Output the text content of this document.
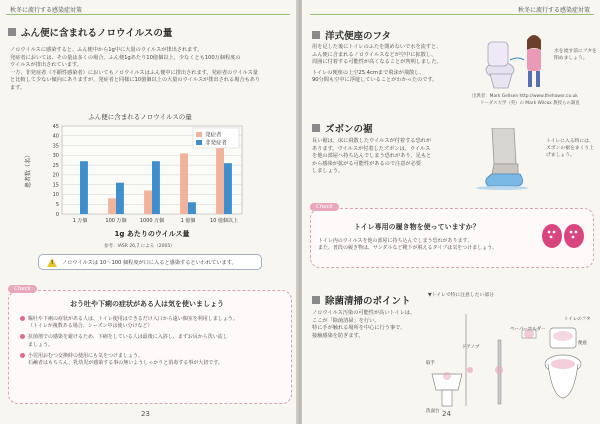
秋冬に流行する感染症対策
ふん便に含まれるノロウイルスの量
ノロウイルスに感染すると、ふん便中から1g中に大量のウイルスが排出されます。
発症者においては、その量は多くの場合、ふん便1gあたり10億個以上、少なくとも100万個程度の
ウイルスが排出されています。
一方、非発症者（不顕性感染者）においてもノロウイルスはふん便中に排出されます。発症者のウイルス量
と比較して少ない傾向にありますが、発症者と同様に10億個以上の大量のウイルスが排出される場合もあり
ます。
ふん便に含まれるノロウイルスの量
0
5
10
15
20
25
30
35
40
45
患者数（名）
1 万個	100 万個	1000 万個	1 億個	10 億個以上
1g あたりのウイルス量
発症者
非発症者
参考：IASR 26,7 による（2005）
! ノロウイルスは 10〜100 個程度が口に入ると感染するといわれています。
Check
おう吐や下痢の症状がある人は気を使いましょう
嘔吐や下痢の症状がある人は、トイレ使用はできるだけ入口から遠い個室を利用しましょう。
（トイレが複数ある場合、シーズン中は使い分けなど）
抗菌剤での感染を避けるため、下痢をしている人は最後に入浴し、まずお尻から洗い流し
ましょう。
小児用おむつ交換時の使用にも気をつけましょう。
石鹸者はもちろん、乳幼児が感染する事の無いようしっかりと消毒する事が大切です。
23
秋冬に流行する感染症対策
洋式便座のフタ
用を足した後にトイレのふたを閉めないで水を流すと、
ふん便に含まれるノロウイルスなどが空中に拡散し、
周囲に付着する可能性が高くなることが判明しました。
トイレの便座の上空25.4cmまで飛沫が飛散し、
90分間も空中に浮遊していることがわかったのです。
水を流す前にフタを閉めましょう。
出典者：Mark Gellsen http://www.thehowsr.co.uk
リーダス大学（英）の Mark Wilcox 教授らの調査
ズボンの裾
長い裾は、床に飛散したウイルスが付着する恐れが
あります。ウイルスが付着したズボンは、ウイルス
を他の部屋へ持ち込んでしまう恐れがあり、足もと
から感染が拡がる可能性があるので注意が必要
しましょう。
トイレに入る時には、ズボンの裾をまくり上げましょう。
Check
トイレ専用の履き物を使っていますか？
トイレ内のウイルスを他の部屋に持ち込んでしまう恐れがあります。
また、普段の履き物は、サンダルなど靴下が脱えるタイプは気をつけましょう。
除菌清掃のポイント
ノロウイルス汚染の可能性が高いトイレは、
ここが「除菌清掃」を行い、
特に手が触れる場所を中心に行う事で、
接触感染を防ぎます。
▼トイレで特に注意したい部分
トイレのフタ
ペーパーホルダー
便座
ドアノブ
取手
洗面台 24
